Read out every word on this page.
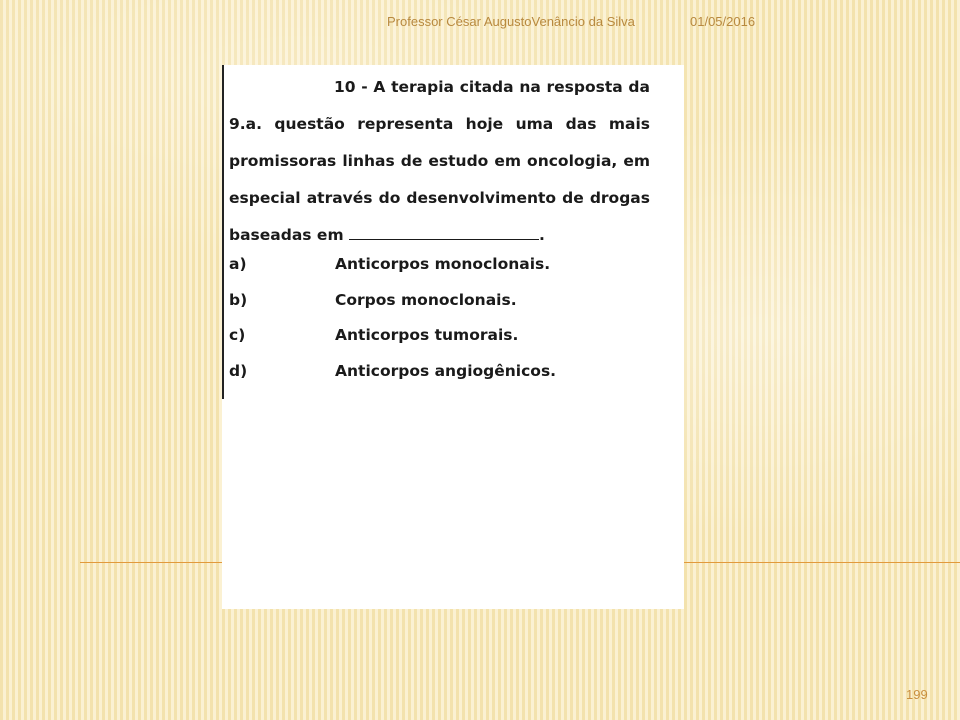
Professor César AugustoVenâncio da Silva	01/05/2016
10 - A terapia citada na resposta da 9.a. questão representa hoje uma das mais promissoras linhas de estudo em oncologia, em especial através do desenvolvimento de drogas baseadas em	.
a)	Anticorpos monoclonais.
b)	Corpos monoclonais.
c)	Anticorpos tumorais.
d)	Anticorpos angiogênicos.
199
